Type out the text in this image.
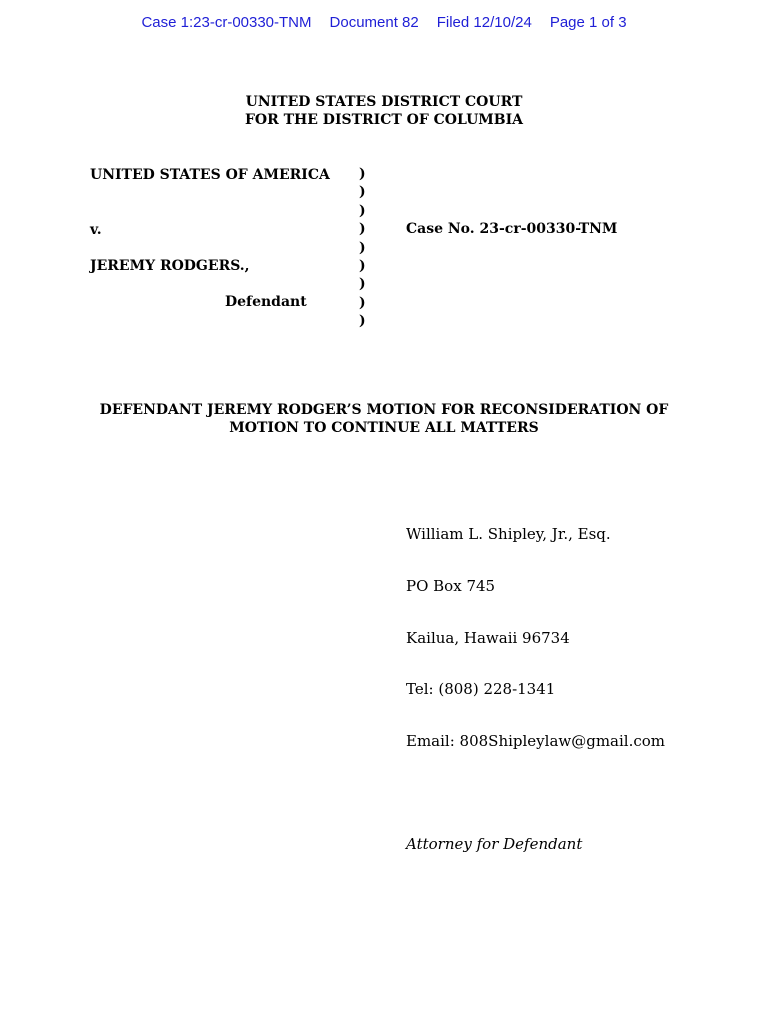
Case 1:23-cr-00330-TNM Document 82 Filed 12/10/24 Page 1 of 3
UNITED STATES DISTRICT COURT
FOR THE DISTRICT OF COLUMBIA
UNITED STATES OF AMERICA
v.
JEREMY RODGERS.,
Defendant
)
)
)
)
)
)
)
)
)
Case No. 23-cr-00330-TNM
DEFENDANT JEREMY RODGER’S MOTION FOR RECONSIDERATION OF MOTION TO CONTINUE ALL MATTERS

William L. Shipley, Jr., Esq.

PO Box 745

Kailua, Hawaii 96734

Tel: (808) 228-1341

Email: 808Shipleylaw@gmail.com

Attorney for Defendant
